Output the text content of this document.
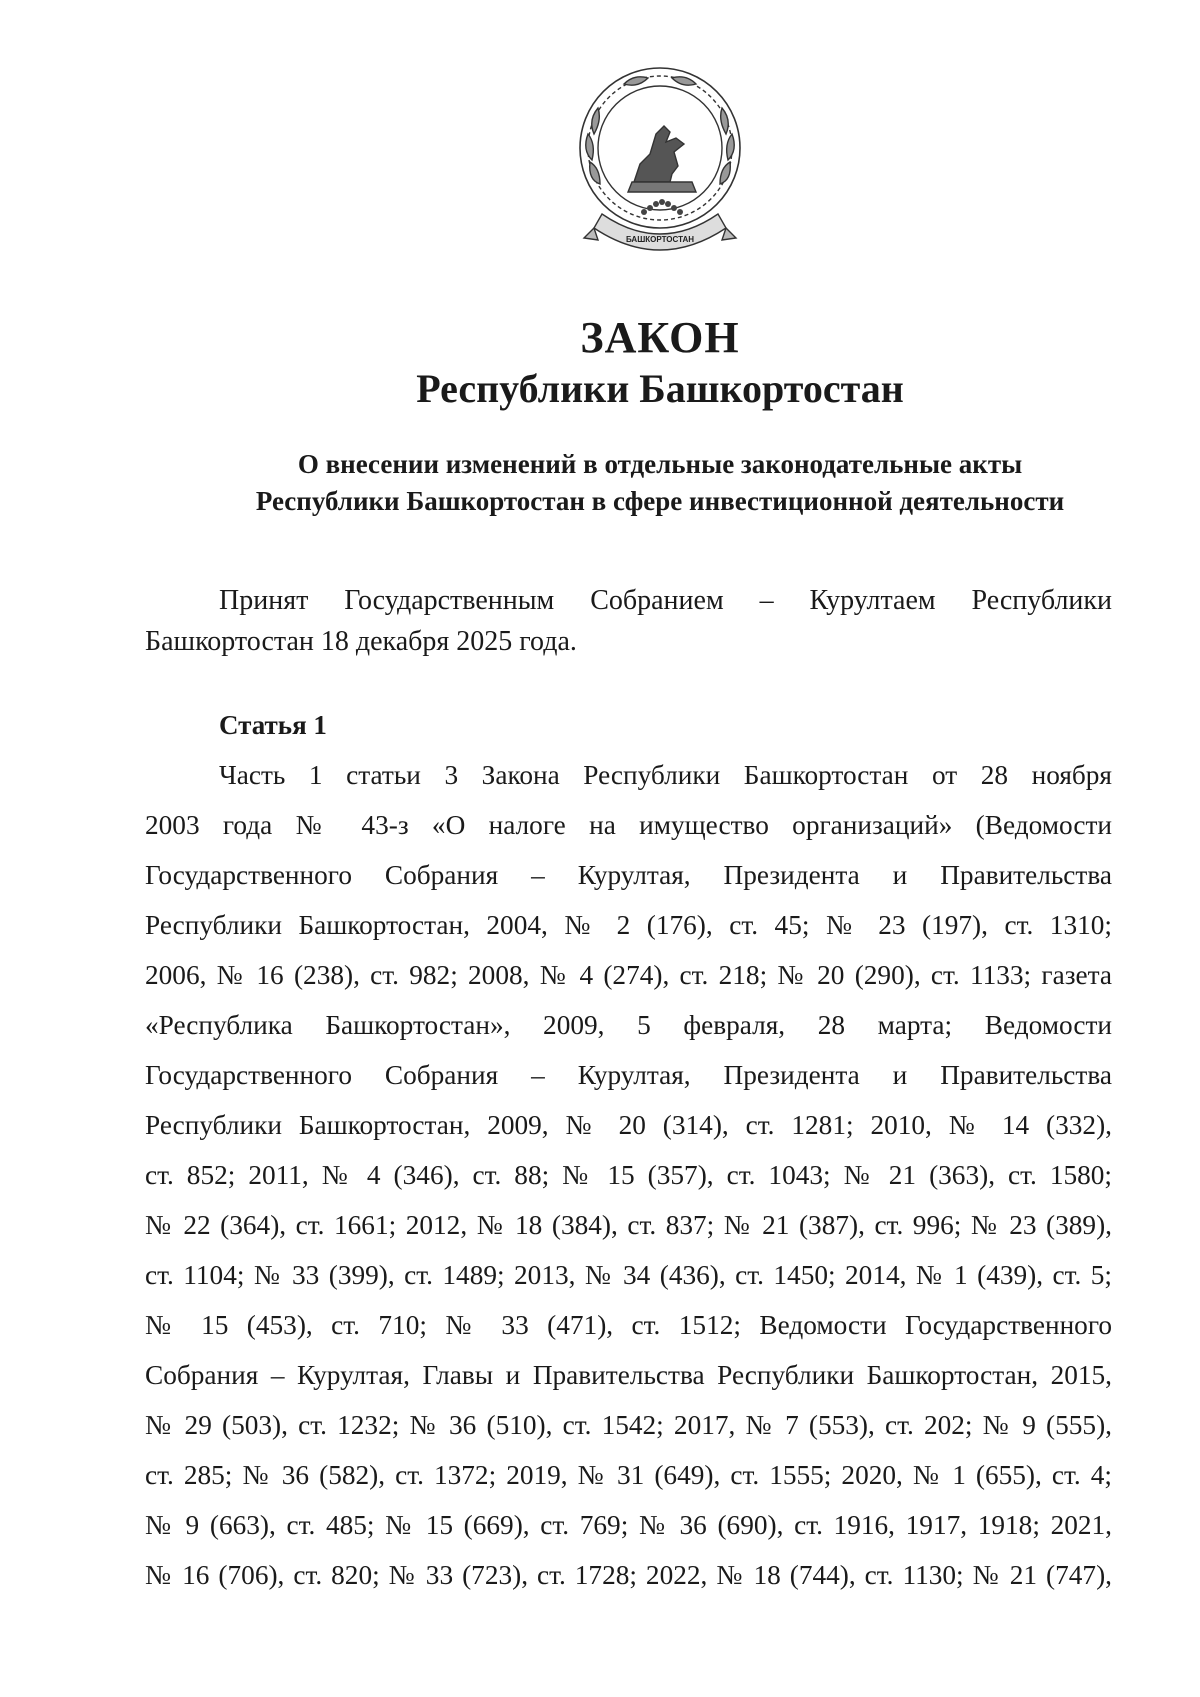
БАШКОРТОСТАН
ЗАКОН
Республики Башкортостан
О внесении изменений в отдельные законодательные акты
Республики Башкортостан в сфере инвестиционной деятельности
Принят Государственным Собранием – Курултаем Республики Башкортостан 18 декабря 2025 года.
Статья 1
Часть 1 статьи 3 Закона Республики Башкортостан от 28 ноября
2003 года № 43-з «О налоге на имущество организаций» (Ведомости
Государственного Собрания – Курултая, Президента и Правительства
Республики Башкортостан, 2004, № 2 (176), ст. 45; № 23 (197), ст. 1310;
2006, № 16 (238), ст. 982; 2008, № 4 (274), ст. 218; № 20 (290), ст. 1133; газета
«Республика Башкортостан», 2009, 5 февраля, 28 марта; Ведомости
Государственного Собрания – Курултая, Президента и Правительства
Республики Башкортостан, 2009, № 20 (314), ст. 1281; 2010, № 14 (332),
ст. 852; 2011, № 4 (346), ст. 88; № 15 (357), ст. 1043; № 21 (363), ст. 1580;
№ 22 (364), ст. 1661; 2012, № 18 (384), ст. 837; № 21 (387), ст. 996; № 23 (389),
ст. 1104; № 33 (399), ст. 1489; 2013, № 34 (436), ст. 1450; 2014, № 1 (439), ст. 5;
№ 15 (453), ст. 710; № 33 (471), ст. 1512; Ведомости Государственного
Собрания – Курултая, Главы и Правительства Республики Башкортостан, 2015,
№ 29 (503), ст. 1232; № 36 (510), ст. 1542; 2017, № 7 (553), ст. 202; № 9 (555),
ст. 285; № 36 (582), ст. 1372; 2019, № 31 (649), ст. 1555; 2020, № 1 (655), ст. 4;
№ 9 (663), ст. 485; № 15 (669), ст. 769; № 36 (690), ст. 1916, 1917, 1918; 2021,
№ 16 (706), ст. 820; № 33 (723), ст. 1728; 2022, № 18 (744), ст. 1130; № 21 (747),
